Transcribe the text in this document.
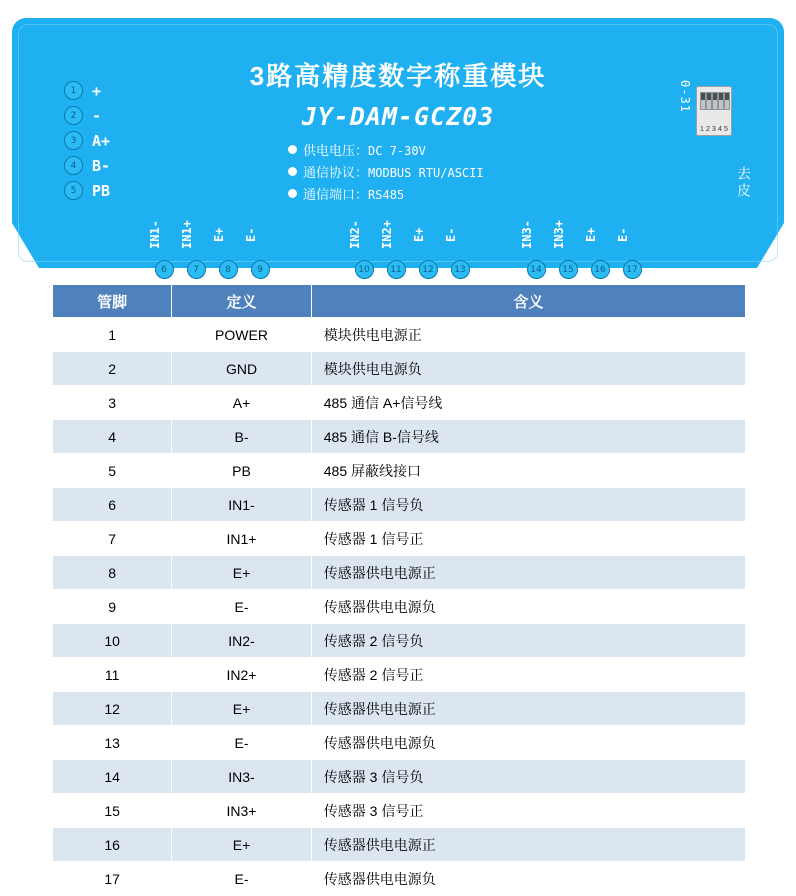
3路高精度数字称重模块
JY-DAM-GCZ03
供电电压：DC 7-30V
通信协议：MODBUS RTU/ASCII
通信端口：RS485
1	+
2	-
3	A+
4	B-
5	PB
0-31
1 2 3 4 5
去皮
IN1-	IN1+	E+	E-
6	7	8	9
IN2-	IN2+	E+	E-
10	11	12	13
IN3-	IN3+	E+	E-
14	15	16	17
管脚	定义	含义
1	POWER	模块供电电源正
2	GND	模块供电电源负
3	A+	485 通信 A+信号线
4	B-	485 通信 B-信号线
5	PB	485 屏蔽线接口
6	IN1-	传感器 1 信号负
7	IN1+	传感器 1 信号正
8	E+	传感器供电电源正
9	E-	传感器供电电源负
10	IN2-	传感器 2 信号负
11	IN2+	传感器 2 信号正
12	E+	传感器供电电源正
13	E-	传感器供电电源负
14	IN3-	传感器 3 信号负
15	IN3+	传感器 3 信号正
16	E+	传感器供电电源正
17	E-	传感器供电电源负
